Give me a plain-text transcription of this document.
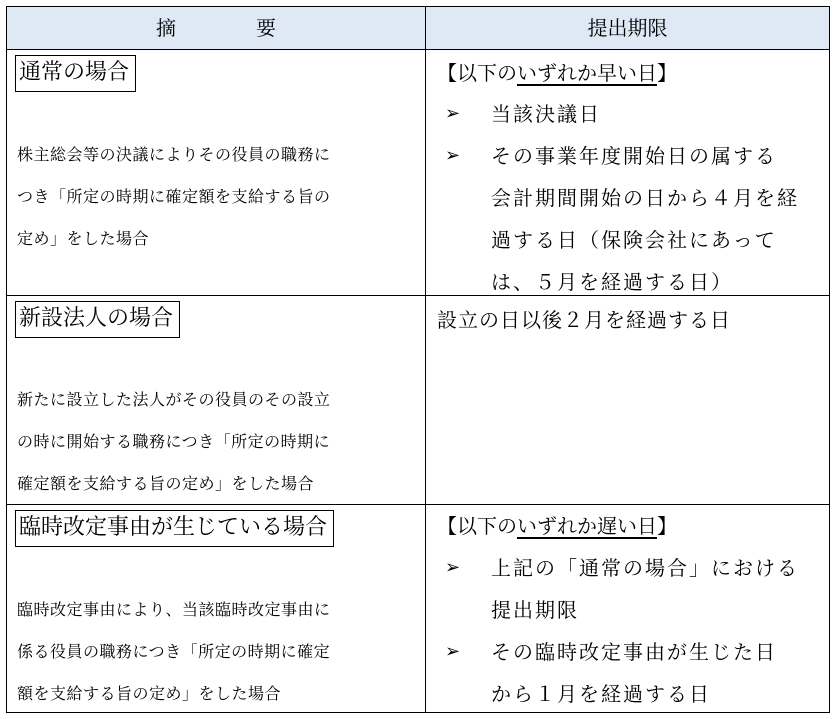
摘　要	提出期限
通常の場合
株主総会等の決議によりその役員の職務に
つき「所定の時期に確定額を支給する旨の
定め」をした場合
【以下のいずれか早い日】
➢ 当該決議日
➢ その事業年度開始日の属する
会計期間開始の日から４月を経
過する日（保険会社にあって
は、５月を経過する日）
新設法人の場合
新たに設立した法人がその役員のその設立
の時に開始する職務につき「所定の時期に
確定額を支給する旨の定め」をした場合
設立の日以後２月を経過する日
臨時改定事由が生じている場合
臨時改定事由により、当該臨時改定事由に
係る役員の職務につき「所定の時期に確定
額を支給する旨の定め」をした場合
【以下のいずれか遅い日】
➢ 上記の「通常の場合」における
提出期限
➢ その臨時改定事由が生じた日
から１月を経過する日
